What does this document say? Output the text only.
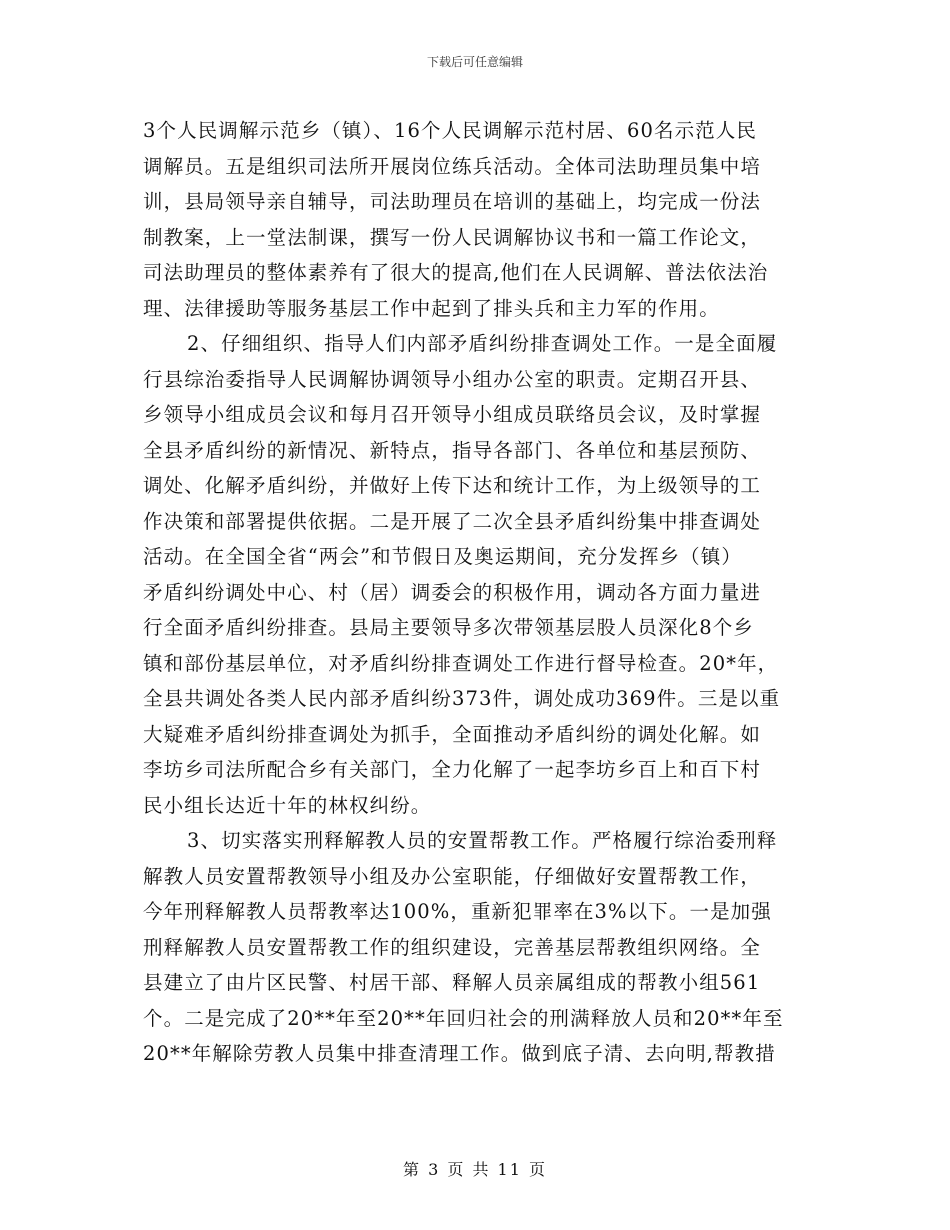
下载后可任意编辑
3个人民调解示范乡（镇）、16个人民调解示范村居、60名示范人民
调解员。五是组织司法所开展岗位练兵活动。全体司法助理员集中培
训，县局领导亲自辅导，司法助理员在培训的基础上，均完成一份法
制教案，上一堂法制课，撰写一份人民调解协议书和一篇工作论文，
司法助理员的整体素养有了很大的提高,他们在人民调解、普法依法治
理、法律援助等服务基层工作中起到了排头兵和主力军的作用。
2、仔细组织、指导人们内部矛盾纠纷排查调处工作。一是全面履
行县综治委指导人民调解协调领导小组办公室的职责。定期召开县、
乡领导小组成员会议和每月召开领导小组成员联络员会议，及时掌握
全县矛盾纠纷的新情况、新特点，指导各部门、各单位和基层预防、
调处、化解矛盾纠纷，并做好上传下达和统计工作，为上级领导的工
作决策和部署提供依据。二是开展了二次全县矛盾纠纷集中排查调处
活动。在全国全省“两会”和节假日及奥运期间，充分发挥乡（镇）
矛盾纠纷调处中心、村（居）调委会的积极作用，调动各方面力量进
行全面矛盾纠纷排查。县局主要领导多次带领基层股人员深化8个乡
镇和部份基层单位，对矛盾纠纷排查调处工作进行督导检查。20*年，
全县共调处各类人民内部矛盾纠纷373件，调处成功369件。三是以重
大疑难矛盾纠纷排查调处为抓手，全面推动矛盾纠纷的调处化解。如
李坊乡司法所配合乡有关部门，全力化解了一起李坊乡百上和百下村
民小组长达近十年的林权纠纷。
3、切实落实刑释解教人员的安置帮教工作。严格履行综治委刑释
解教人员安置帮教领导小组及办公室职能，仔细做好安置帮教工作，
今年刑释解教人员帮教率达100%，重新犯罪率在3%以下。一是加强
刑释解教人员安置帮教工作的组织建设，完善基层帮教组织网络。全
县建立了由片区民警、村居干部、释解人员亲属组成的帮教小组561
个。二是完成了20**年至20**年回归社会的刑满释放人员和20**年至
20**年解除劳教人员集中排查清理工作。做到底子清、去向明,帮教措
第 3 页 共 11 页
